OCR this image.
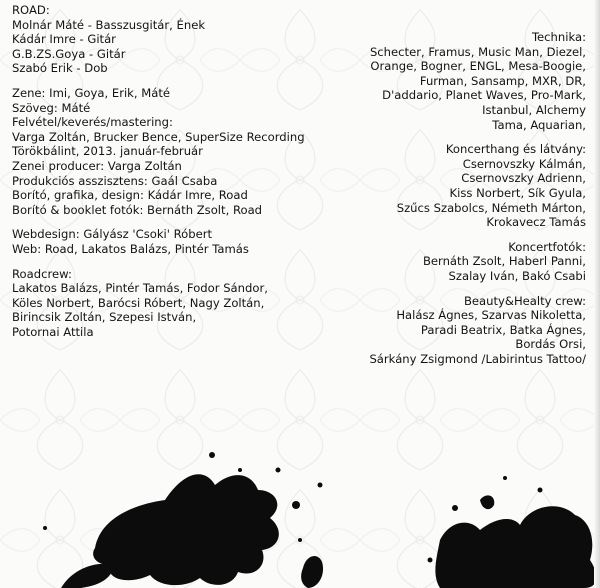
ROAD:
Molnár Máté - Basszusgitár, Ének
Kádár Imre - Gitár
G.B.ZS.Goya - Gitár
Szabó Erik - Dob
Zene: Imi, Goya, Erik, Máté
Szöveg: Máté
Felvétel/keverés/mastering:
Varga Zoltán, Brucker Bence, SuperSize Recording
Törökbálint, 2013. január-február
Zenei producer: Varga Zoltán
Produkciós asszisztens: Gaál Csaba
Borító, grafika, design: Kádár Imre, Road
Borító & booklet fotók: Bernáth Zsolt, Road
Webdesign: Gályász 'Csoki' Róbert
Web: Road, Lakatos Balázs, Pintér Tamás
Roadcrew:
Lakatos Balázs, Pintér Tamás, Fodor Sándor,
Köles Norbert, Barócsi Róbert, Nagy Zoltán,
Birincsik Zoltán, Szepesi István,
Potornai Attila
Technika:
Schecter, Framus, Music Man, Diezel,
Orange, Bogner, ENGL, Mesa-Boogie,
Furman, Sansamp, MXR, DR,
D'addario, Planet Waves, Pro-Mark,
Istanbul, Alchemy
Tama, Aquarian,
Koncerthang és látvány:
Csernovszky Kálmán,
Csernovszky Adrienn,
Kiss Norbert, Sík Gyula,
Szűcs Szabolcs, Németh Márton,
Krokavecz Tamás
Koncertfotók:
Bernáth Zsolt, Haberl Panni,
Szalay Iván, Bakó Csabi
Beauty&Healty crew:
Halász Ágnes, Szarvas Nikoletta,
Paradi Beatrix, Batka Ágnes,
Bordás Orsi,
Sárkány Zsigmond /Labirintus Tattoo/
